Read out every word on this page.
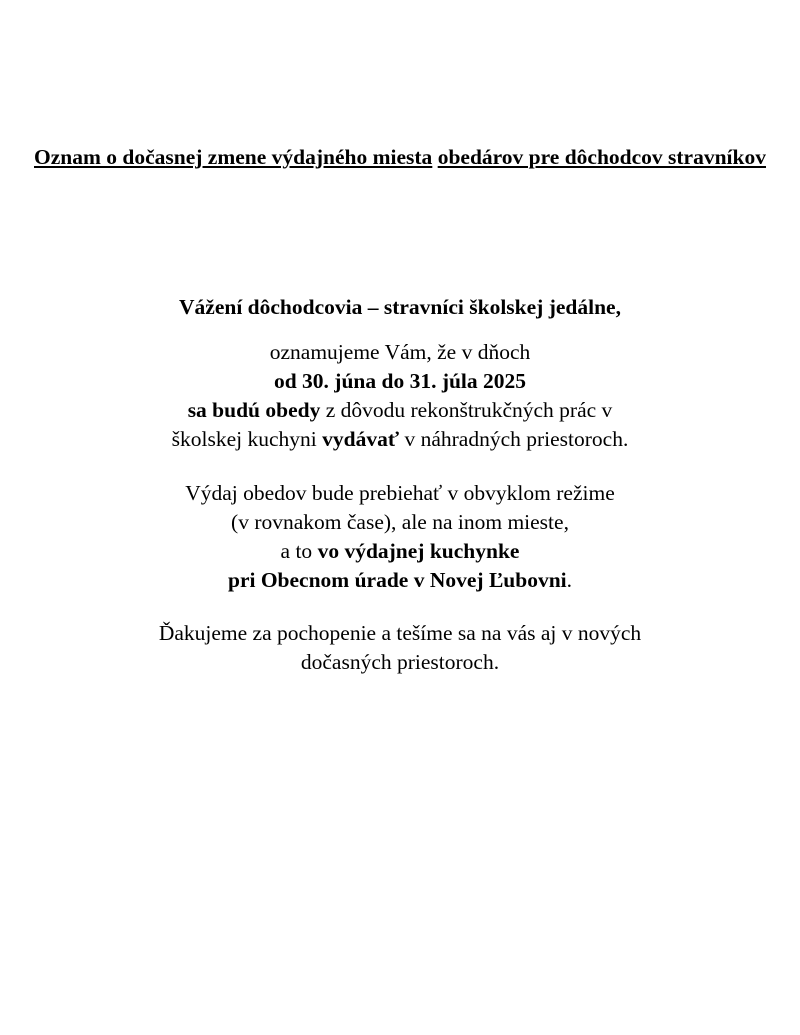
Oznam o dočasnej zmene výdajného miesta obedárov pre dôchodcov stravníkov
Vážení dôchodcovia – stravníci školskej jedálne,
oznamujeme Vám, že v dňoch
od 30. júna do 31. júla 2025
sa budú obedy z dôvodu rekonštrukčných prác v
školskej kuchyni vydávať v náhradných priestoroch.
Výdaj obedov bude prebiehať v obvyklom režime
(v rovnakom čase), ale na inom mieste,
a to vo výdajnej kuchynke
pri Obecnom úrade v Novej Ľubovni.
Ďakujeme za pochopenie a tešíme sa na vás aj v nových
dočasných priestoroch.
